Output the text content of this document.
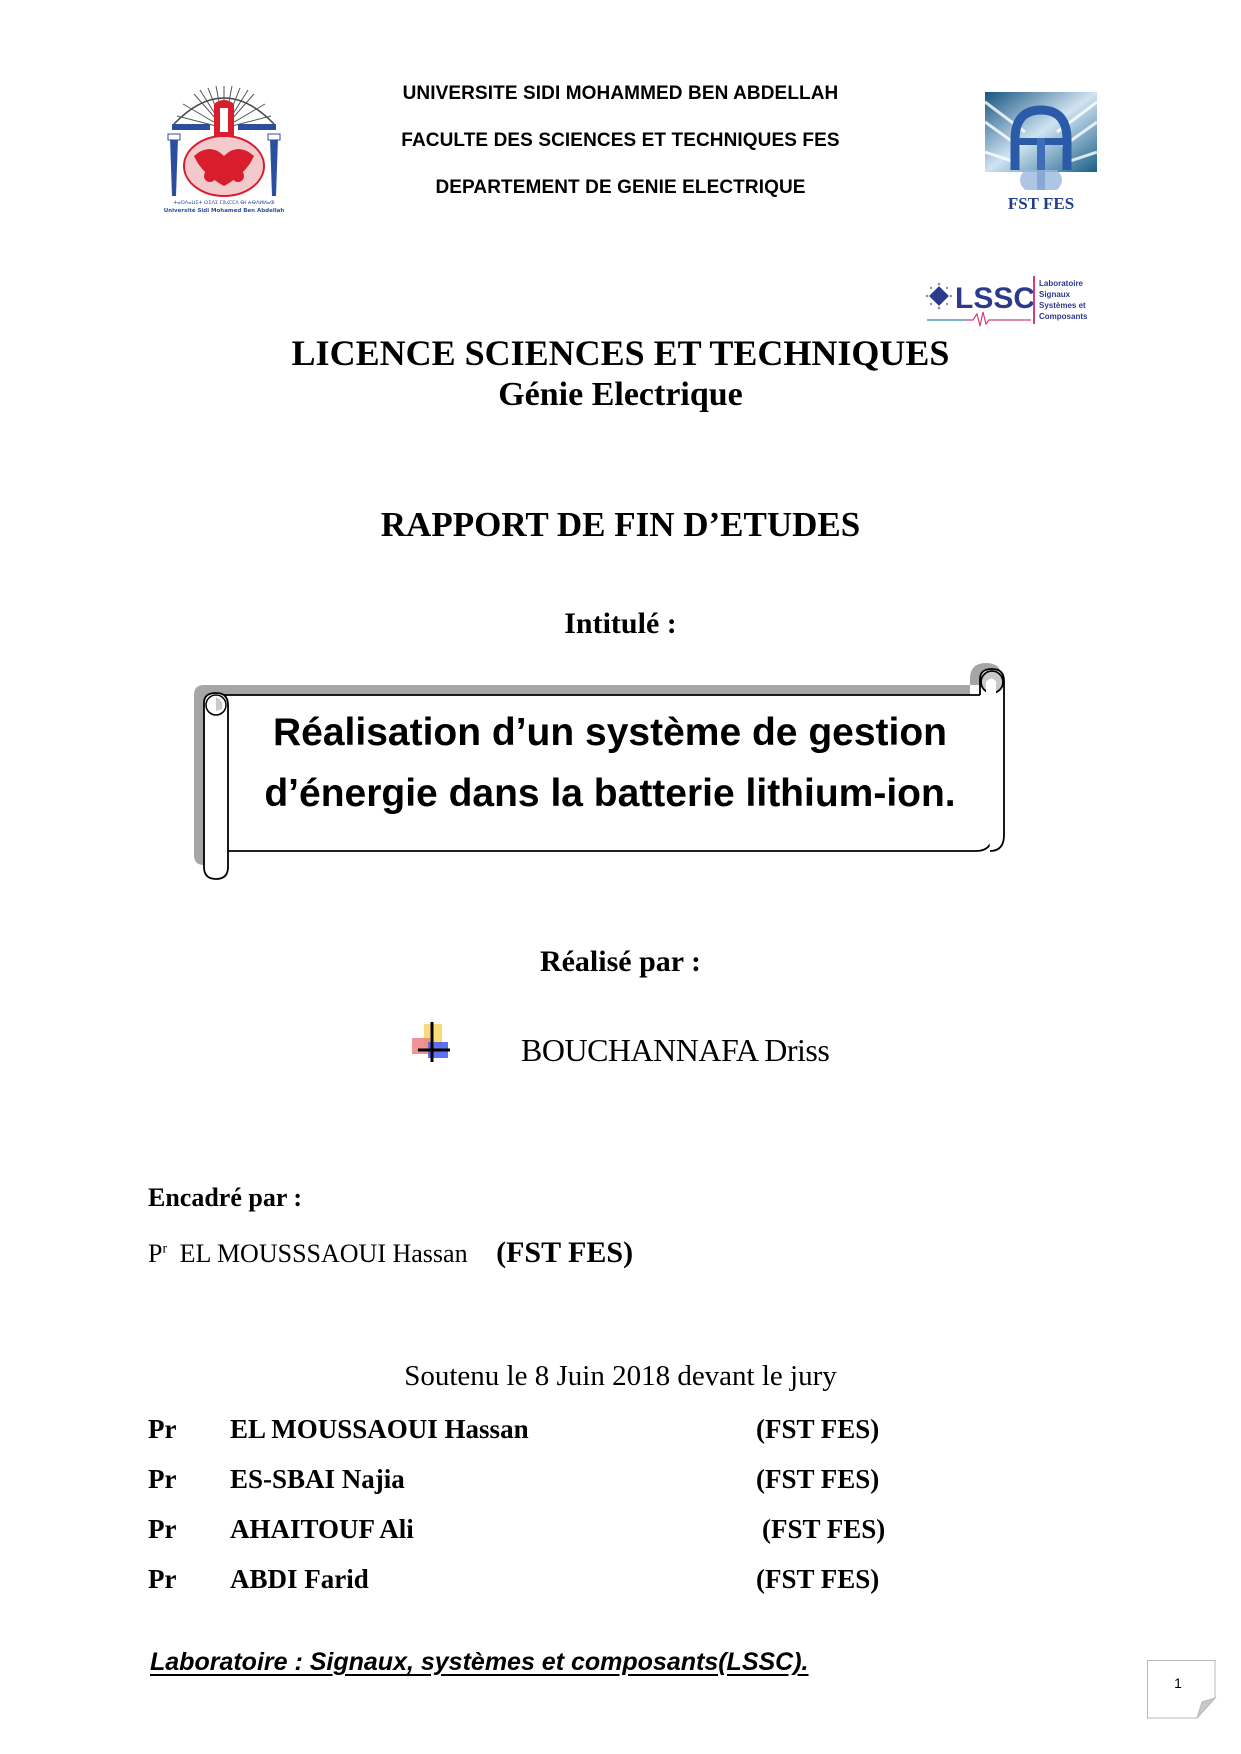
ⵜⴰⵙⴷⴰⵡⵉⵜ ⵙⵉⴷⵉ ⵎⵓⵃⵎⵎⴷ ⴱⵏ ⵄⴱⴷⵍⵍⴰⵀ
Université Sidi Mohamed Ben Abdellah
UNIVERSITE SIDI MOHAMMED BEN ABDELLAH
FACULTE DES SCIENCES ET TECHNIQUES FES
DEPARTEMENT DE GENIE ELECTRIQUE
FST FES
LSSC Laboratoire
Signaux
Systèmes et
Composants
LICENCE SCIENCES ET TECHNIQUES
Génie Electrique
RAPPORT DE FIN D’ETUDES
Intitulé :
Réalisation d’un système de gestion
d’énergie dans la batterie lithium-ion.
Réalisé par :
BOUCHANNAFA Driss
Encadré par :
$P^r$ EL MOUSSSAOUI Hassan (FST FES)
Soutenu le 8 Juin 2018 devant le jury
Pr EL MOUSSAOUI Hassan	(FST FES)
Pr ES-SBAI Najia	(FST FES)
Pr AHAITOUF Ali	(FST FES)
Pr ABDI Farid	(FST FES)
Laboratoire : Signaux, systèmes et composants(LSSC).
1
